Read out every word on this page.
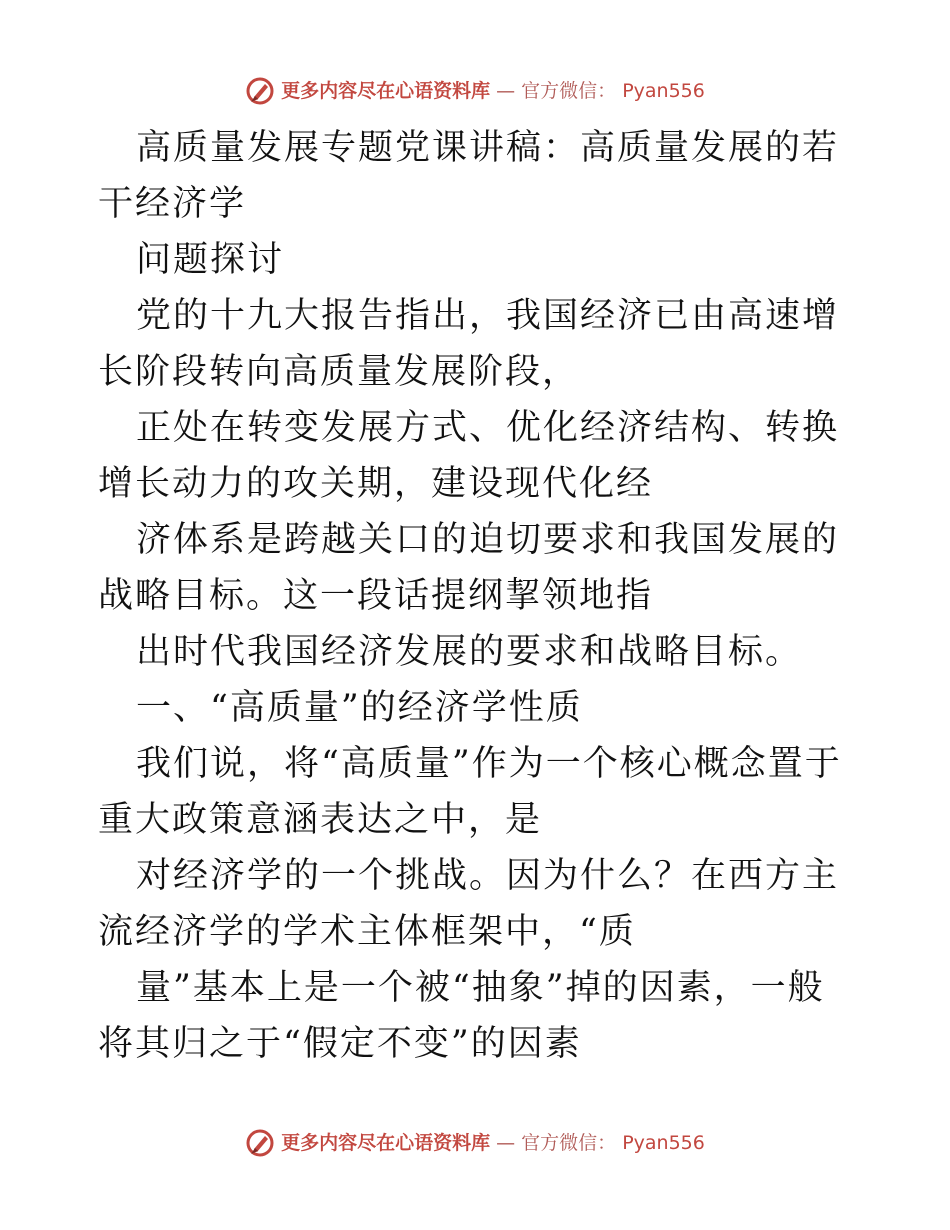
更多内容尽在心语资料库 — 官方微信： Pyan556

高质量发展专题党课讲稿：高质量发展的若干经济学

问题探讨

党的十九大报告指出，我国经济已由高速增长阶段转向高质量发展阶段，

正处在转变发展方式、优化经济结构、转换增长动力的攻关期，建设现代化经

济体系是跨越关口的迫切要求和我国发展的战略目标。这一段话提纲挈领地指

出时代我国经济发展的要求和战略目标。

一、“高质量”的经济学性质

我们说，将“高质量”作为一个核心概念置于重大政策意涵表达之中，是

对经济学的一个挑战。因为什么？在西方主流经济学的学术主体框架中，“质

量”基本上是一个被“抽象”掉的因素，一般将其归之于“假定不变”的因素

更多内容尽在心语资料库 — 官方微信： Pyan556
